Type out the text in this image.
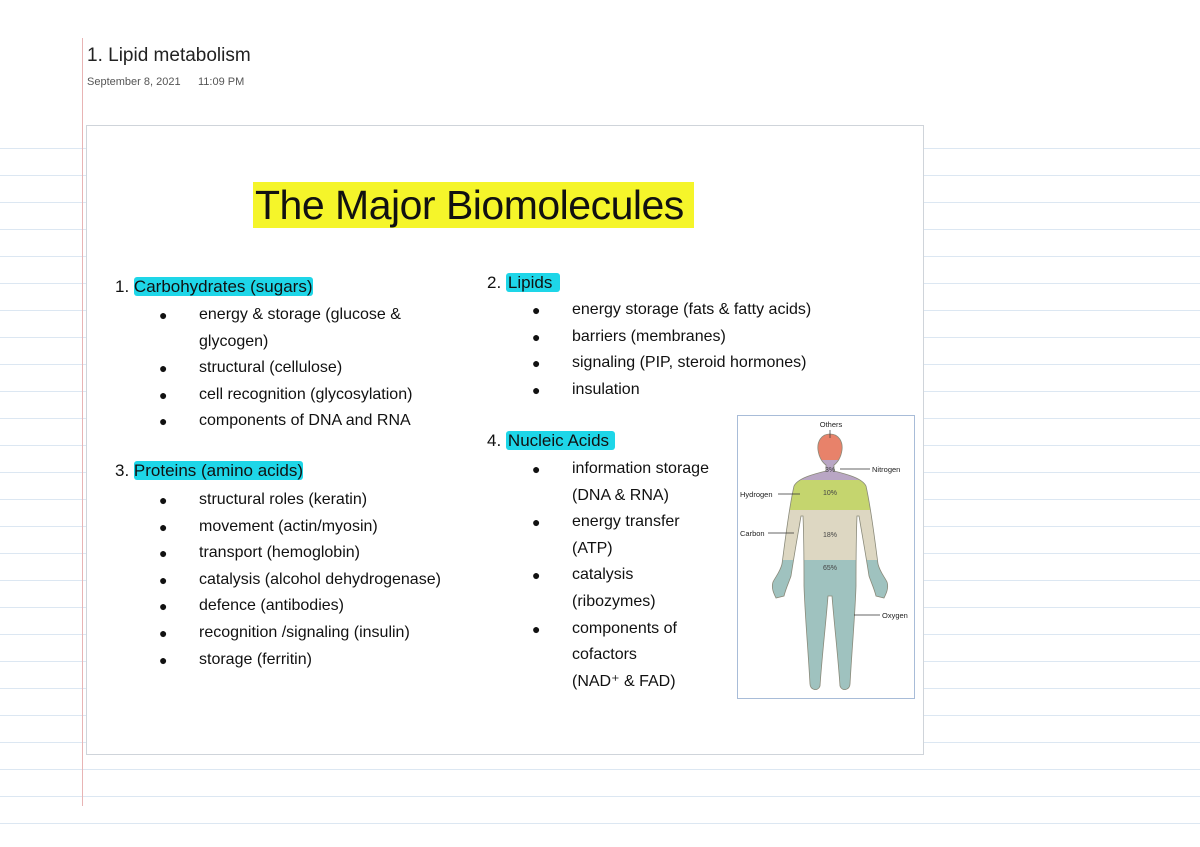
1. Lipid metabolism
September 8, 2021 11:09 PM
The Major Biomolecules
1. Carbohydrates (sugars)
● energy & storage (glucose &
glycogen)
● structural (cellulose)
● cell recognition (glycosylation)
● components of DNA and RNA
3. Proteins (amino acids)
● structural roles (keratin)
● movement (actin/myosin)
● transport (hemoglobin)
● catalysis (alcohol dehydrogenase)
● defence (antibodies)
● recognition /signaling (insulin)
● storage (ferritin)
2. Lipids
● energy storage (fats & fatty acids)
● barriers (membranes)
● signaling (PIP, steroid hormones)
● insulation
4. Nucleic Acids
● information storage
(DNA & RNA)
● energy transfer
(ATP)
● catalysis
(ribozymes)
● components of
cofactors
(NAD⁺ & FAD)
Others
Nitrogen
Hydrogen
Carbon
Oxygen
3%
10%
18%
65%
